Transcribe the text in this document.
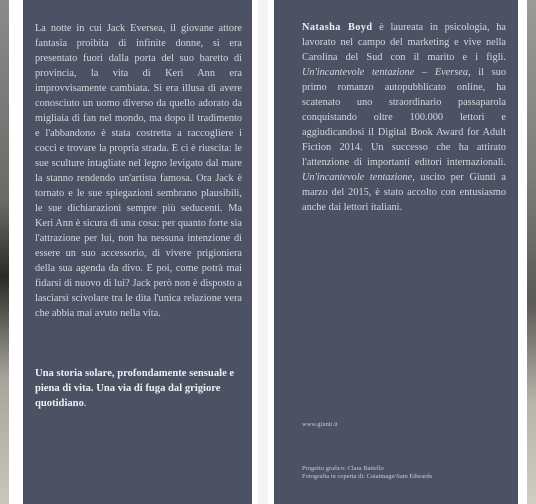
La notte in cui Jack Eversea, il giovane attore fantasia proibita di infinite donne, si era presentato fuori dalla porta del suo baretto di provincia, la vita di Keri Ann era improvvisamente cambiata. Si era illusa di avere conosciuto un uomo diverso da quello adorato da migliaia di fan nel mondo, ma dopo il tradimento e l'abbandono è stata costretta a raccogliere i cocci e trovare la propria strada. E ci è riuscita: le sue sculture intagliate nel legno levigato dal mare la stanno rendendo un'artista famosa. Ora Jack è tornato e le sue spiegazioni sembrano plausibili, le sue dichiarazioni sempre più seducenti. Ma Keri Ann è sicura di una cosa: per quanto forte sia l'attrazione per lui, non ha nessuna intenzione di essere un suo accessorio, di vivere prigioniera della sua agenda da divo. E poi, come potrà mai fidarsi di nuovo di lui? Jack però non è disposto a lasciarsi scivolare tra le dita l'unica relazione vera che abbia mai avuto nella vita.

Una storia solare, profondamente sensuale e piena di vita. Una via di fuga dal grigiore quotidiano.

Natasha Boyd è laureata in psicologia, ha lavorato nel campo del marketing e vive nella Carolina del Sud con il marito e i figli. Un'incantevole tentazione – Eversea, il suo primo romanzo autopubblicato online, ha scatenato uno straordinario passaparola conquistando oltre 100.000 lettori e aggiudicandosi il Digital Book Award for Adult Fiction 2014. Un successo che ha attirato l'attenzione di importanti editori internazionali. Un'incantevole tentazione, uscito per Giunti a marzo del 2015, è stato accolto con entusiasmo anche dai lettori italiani.

www.giunti.it

Progetto grafico: Clara Battello

Fotografia in coperta di: Caiaimage/Sam Edwards
